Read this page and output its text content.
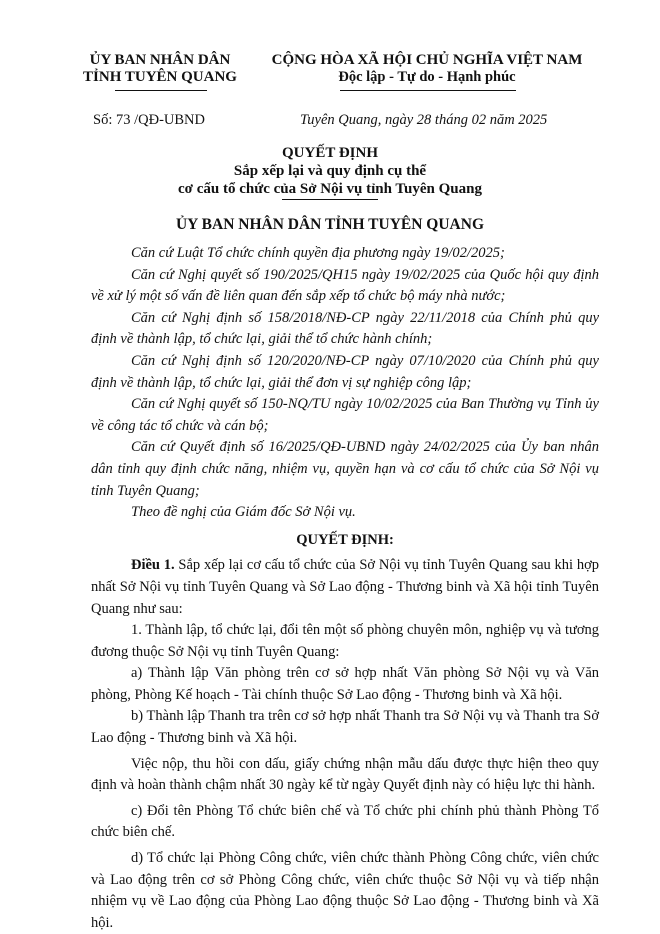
ỦY BAN NHÂN DÂN
TỈNH TUYÊN QUANG
CỘNG HÒA XÃ HỘI CHỦ NGHĨA VIỆT NAM
Độc lập - Tự do - Hạnh phúc
Số: 73 /QĐ-UBND	Tuyên Quang, ngày 28 tháng 02 năm 2025
QUYẾT ĐỊNH
Sắp xếp lại và quy định cụ thể
cơ cấu tổ chức của Sở Nội vụ tỉnh Tuyên Quang
ỦY BAN NHÂN DÂN TỈNH TUYÊN QUANG

Căn cứ Luật Tổ chức chính quyền địa phương ngày 19/02/2025;

Căn cứ Nghị quyết số 190/2025/QH15 ngày 19/02/2025 của Quốc hội quy định về xử lý một số vấn đề liên quan đến sắp xếp tổ chức bộ máy nhà nước;

Căn cứ Nghị định số 158/2018/NĐ-CP ngày 22/11/2018 của Chính phủ quy định về thành lập, tổ chức lại, giải thể tổ chức hành chính;

Căn cứ Nghị định số 120/2020/NĐ-CP ngày 07/10/2020 của Chính phủ quy định về thành lập, tổ chức lại, giải thể đơn vị sự nghiệp công lập;

Căn cứ Nghị quyết số 150-NQ/TU ngày 10/02/2025 của Ban Thường vụ Tỉnh ủy về công tác tổ chức và cán bộ;

Căn cứ Quyết định số 16/2025/QĐ-UBND ngày 24/02/2025 của Ủy ban nhân dân tỉnh quy định chức năng, nhiệm vụ, quyền hạn và cơ cấu tổ chức của Sở Nội vụ tỉnh Tuyên Quang;

Theo đề nghị của Giám đốc Sở Nội vụ.

QUYẾT ĐỊNH:

Điều 1. Sắp xếp lại cơ cấu tổ chức của Sở Nội vụ tỉnh Tuyên Quang sau khi hợp nhất Sở Nội vụ tỉnh Tuyên Quang và Sở Lao động - Thương binh và Xã hội tỉnh Tuyên Quang như sau:

1. Thành lập, tổ chức lại, đổi tên một số phòng chuyên môn, nghiệp vụ và tương đương thuộc Sở Nội vụ tỉnh Tuyên Quang:

a) Thành lập Văn phòng trên cơ sở hợp nhất Văn phòng Sở Nội vụ và Văn phòng, Phòng Kế hoạch - Tài chính thuộc Sở Lao động - Thương binh và Xã hội.

b) Thành lập Thanh tra trên cơ sở hợp nhất Thanh tra Sở Nội vụ và Thanh tra Sở Lao động - Thương binh và Xã hội.

Việc nộp, thu hồi con dấu, giấy chứng nhận mẫu dấu được thực hiện theo quy định và hoàn thành chậm nhất 30 ngày kể từ ngày Quyết định này có hiệu lực thi hành.

c) Đổi tên Phòng Tổ chức biên chế và Tổ chức phi chính phủ thành Phòng Tổ chức biên chế.

d) Tổ chức lại Phòng Công chức, viên chức thành Phòng Công chức, viên chức và Lao động trên cơ sở Phòng Công chức, viên chức thuộc Sở Nội vụ và tiếp nhận nhiệm vụ về Lao động của Phòng Lao động thuộc Sở Lao động - Thương binh và Xã hội.
